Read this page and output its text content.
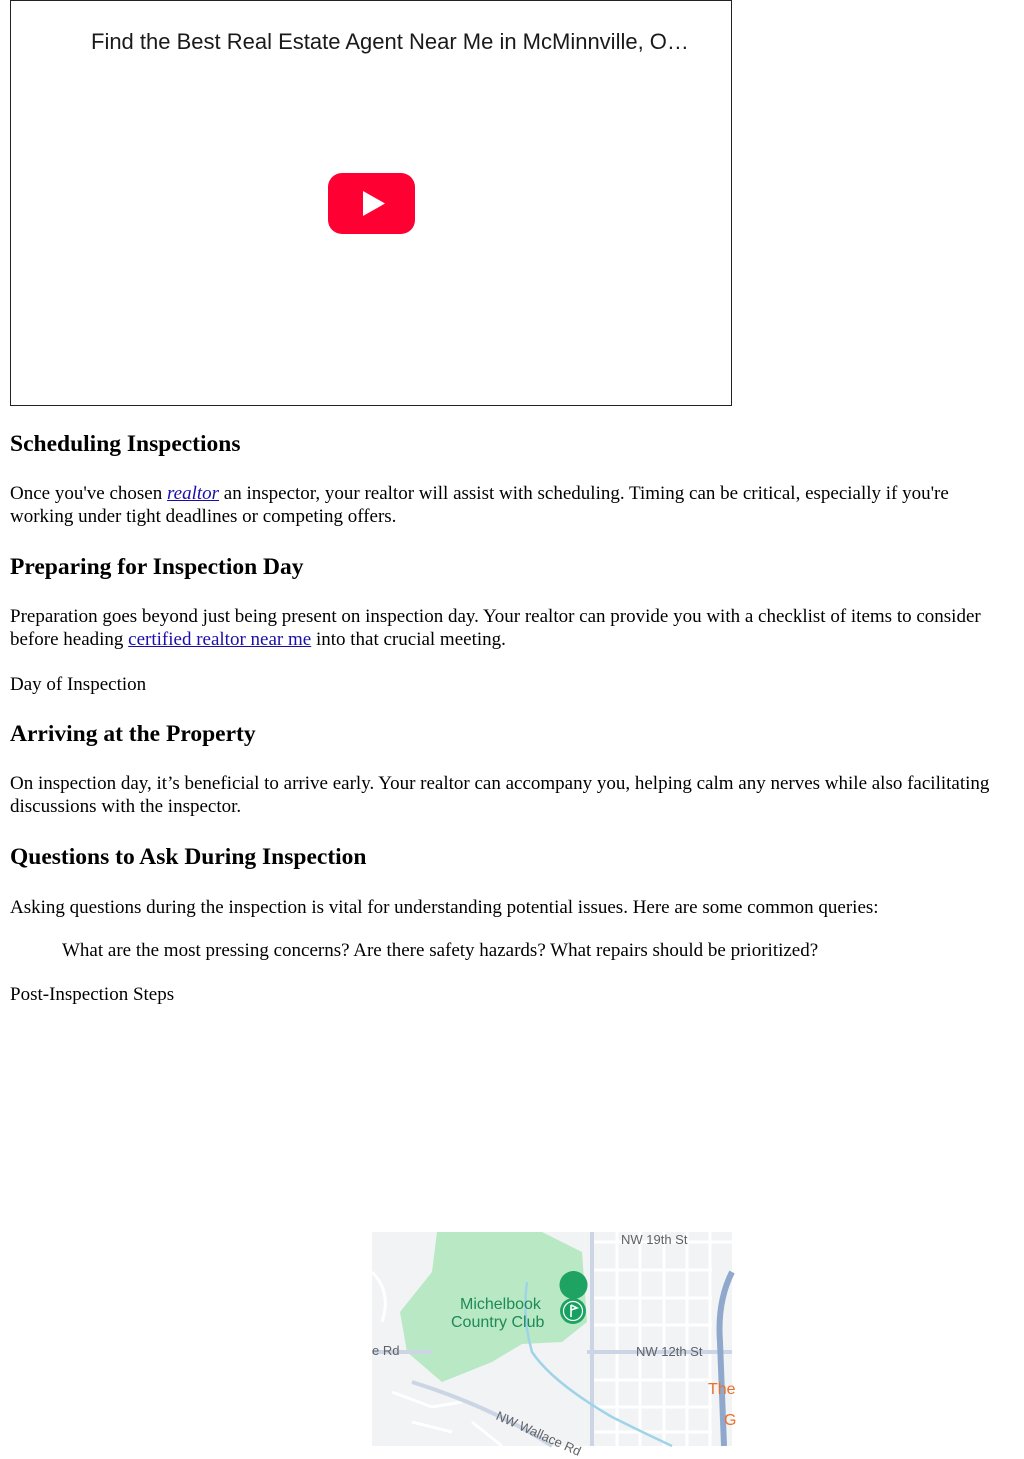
Find the Best Real Estate Agent Near Me in McMinnville, O…
Scheduling Inspections

Once you've chosen realtor an inspector, your realtor will assist with scheduling. Timing can be critical, especially if you're working under tight deadlines or competing offers.

Preparing for Inspection Day

Preparation goes beyond just being present on inspection day. Your realtor can provide you with a checklist of items to consider before heading certified realtor near me into that crucial meeting.

Day of Inspection
Arriving at the Property

On inspection day, it’s beneficial to arrive early. Your realtor can accompany you, helping calm any nerves while also facilitating discussions with the inspector.

Questions to Ask During Inspection

Asking questions during the inspection is vital for understanding potential issues. Here are some common queries:

What are the most pressing concerns? Are there safety hazards? What repairs should be prioritized?

Post-Inspection Steps
NW 19th St
Michelbook
Country Club
e Rd	NW 12th St
NW Wallace Rd
The
G
